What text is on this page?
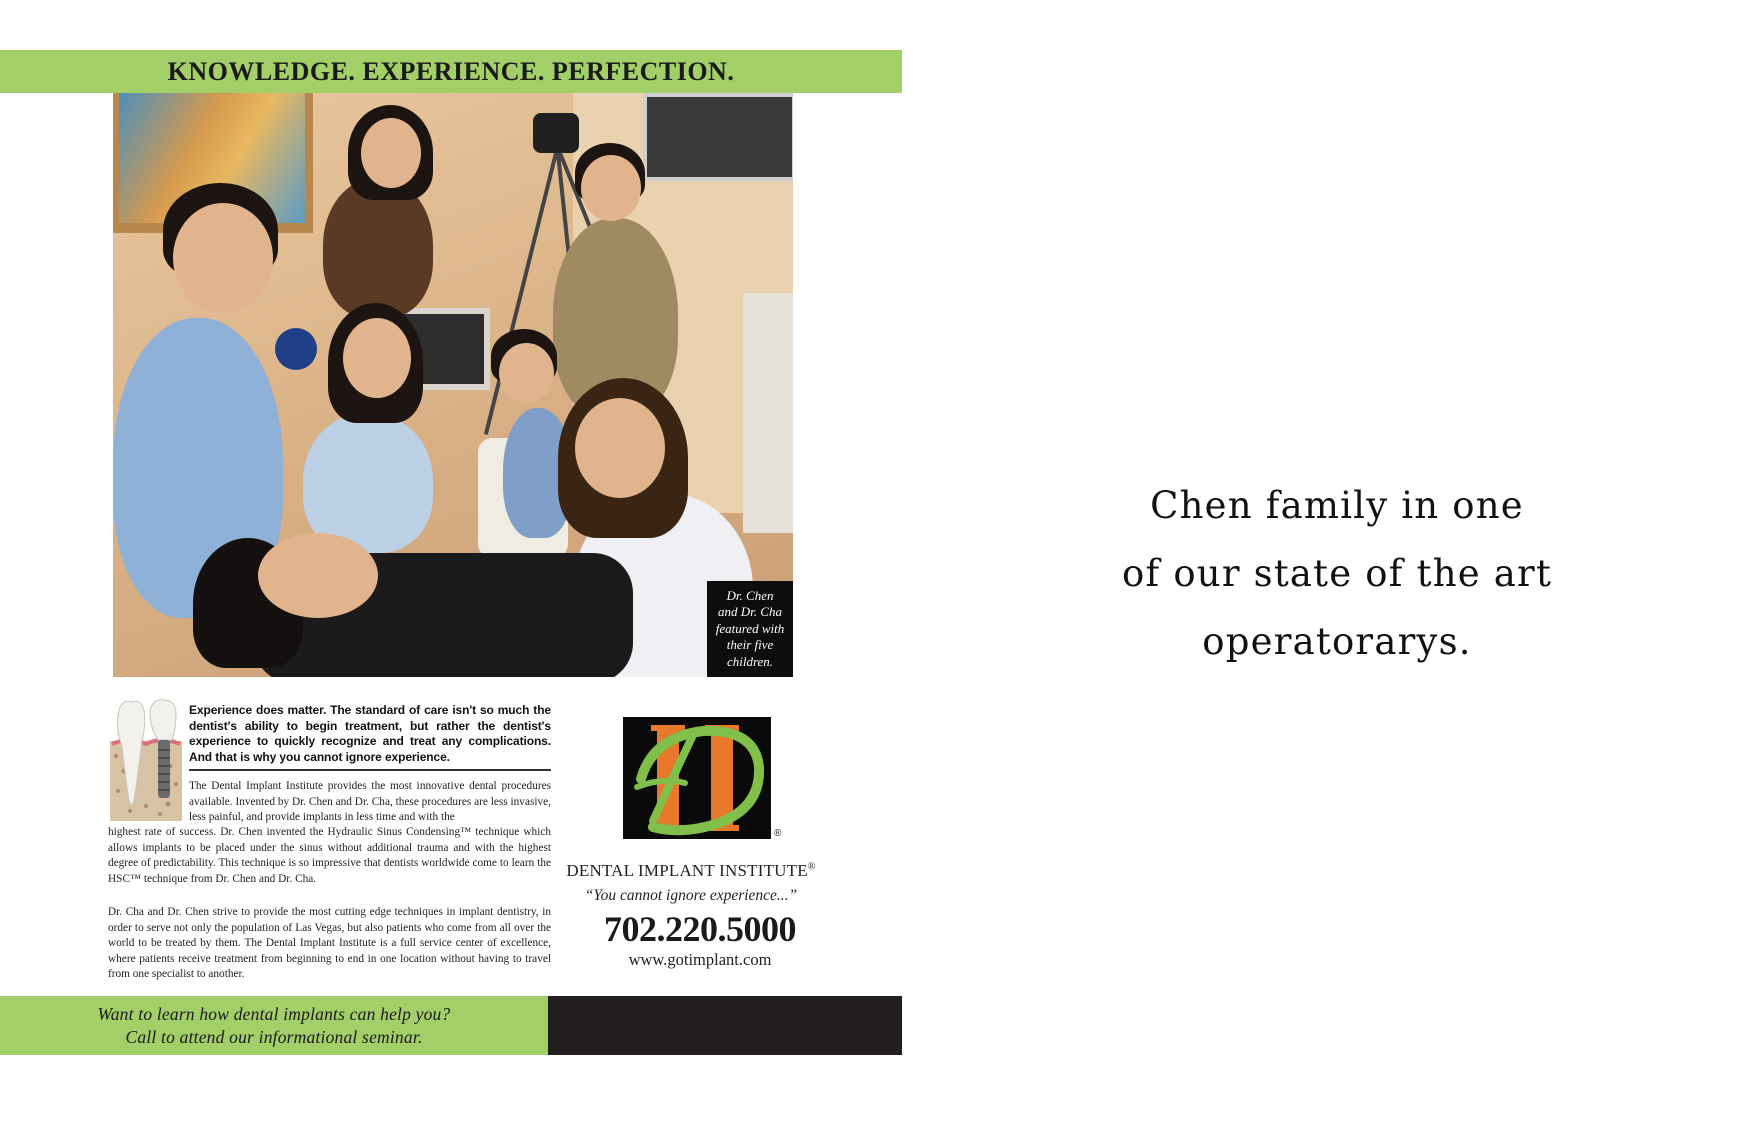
KNOWLEDGE. EXPERIENCE. PERFECTION.
Dr. Chen
and Dr. Cha
featured with
their five
children.
Experience does matter. The standard of care isn't so much the dentist's ability to begin treatment, but rather the dentist's experience to quickly recognize and treat any complications. And that is why you cannot ignore experience.
The Dental Implant Institute provides the most innovative dental procedures available. Invented by Dr. Chen and Dr. Cha, these procedures are less invasive, less painful, and provide implants in less time and with the
highest rate of success. Dr. Chen invented the Hydraulic Sinus Condensing™ technique which allows implants to be placed under the sinus without additional trauma and with the highest degree of predictability. This technique is so impressive that dentists worldwide come to learn the HSC™ technique from Dr. Chen and Dr. Cha.
Dr. Cha and Dr. Chen strive to provide the most cutting edge techniques in implant dentistry, in order to serve not only the population of Las Vegas, but also patients who come from all over the world to be treated by them. The Dental Implant Institute is a full service center of excellence, where patients receive treatment from beginning to end in one location without having to travel from one specialist to another.
®
DENTAL IMPLANT INSTITUTE®
“You cannot ignore experience...”
702.220.5000
www.gotimplant.com
Want to learn how dental implants can help you?
Call to attend our informational seminar.
Chen family in one
of our state of the art
operatorarys.
